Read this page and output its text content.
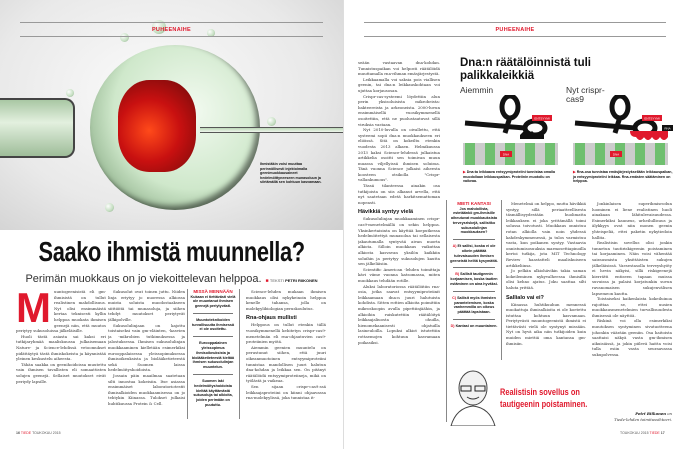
PUHEENAIHE
Ihmistäkin voisi muuttaa perinnöllisesti injektoimalla geenimuokkausaineet hedelmöittyneeseen munasoluun ja siirtämällä sen kohtuun kasvamaan.
Saako ihmistä muunnella?
Perimän muokkaus on jo viekoittelevan helppoa. ■ TEKSTI PETRI RIIKONEN
M uuntogeenisistä eli gm-ihmisistä on tullut realistinen mahdollisuus. Nyt olisi ensimmäistä kertaa teknisesti kyllin helppoa muokata ihmisen geenejä niin, että muutos periytyy sukusoluissa jälkeläisille.

Huoli tästä asiasta sai kaksi eri tutkijaryhmää maaliskuussa julkaisemaan Nature- ja Science-lehdissä vetoomukset pidättäytyä tästä ihmiskokeista ja käynnistää yleinen keskustelu aiheesta.

Tähän saakka on geenihoidoissa muutettu vain ihmisen tavallisten eli somaattisten solujen geenejä. Sellaiset muutokset eivät periydy lapsille.

Sukusolut ovat toinen juttu. Niiden linja eriytyy jo nuoressa alkiossa muista soluista muodostaakseen siittiöitä tai munasoluja, ja siihen tehdyt muutokset periytyvät jälkipolville.

Sukusolulinjaan on kajottu toistaiseksi vain gm-eläinten, -kasvien ja -mikrobien tutkimuksessa ja jalostuksessa. Ihmisen sukusolulinjan muokkaaminen kielletään esimerkiksi eurooppalaisessa yleissopimuksessa ihmisoikeuksista ja biolääketieteestä sekä Suomen laissa hedelmöityshoidoista.

Jossain päin maailmaa saatetaan silti innostua kokeisiin. Itse asiassa ensimmäiset laboratoriotestit ihmisalkioiden muokkaamisessa on jo tehtykin Kiinassa. Tulokset julkaisi huhtikuussa Protein & Cell.

MISSÄ MENNÄÄN
Kukaan ei tiettävästi vielä ole muuntanut ihmisen geenejä periytyvästi.
Muuntoteknikoiden turvallisuutta ihmisessä ei ole osoitettu.
Eurooppalainen yleissopimus ihmisoikeuksista ja biolääketieteestä kieltää ihmisen sukusolulinjan muuntelun.
Suomen laki hedelmöityshoidoista kieltää käyttämästä sukusoluja tai alkioita, joiden perimään on puututtu.

Science-lehden mukaan ihmisen muokkaus olisi nykykeinoin helppoa kenelle tahansa, jolla on molekyylibiologian peruskoulutus.

Rna-ohjaus mullisti

Helppous on tullut etenkin tällä vuosikymmenellä kehitetyn crispr-cas9-menetelmän eli rna-ohjautuvien cas9-proteiinien myötä.

Aiemmin geenien muuntelu on perustunut siihen, että juuri oikeanmuotoinen entsyymiproteiini tunnistaa mandollisen juuri halutun dna-kohdan ja leikkaa sen. On pitänyt räätälöidä entsyymiproteiineja, mikä on työlästä ja vaikeaa.

Sen sijaan crispr-cas9:ssä leikkaajaproteiini on kiinni ohjaavassa rna-molekyylissä, joka tunnistaa it-

16 TIEDE TOUKOKUU 2015
PUHEENAIHE

seään vastaavan dna-kohdan. Tunnistuspaikan voi helposti räätälöidä muuttamalla rna-rihman emäsjärjestystä.

Leikkaamalla voi saksia pois viallisen geenin, tai dna:n leikkauskohtaan voi ujuttaa korjausosan.

Crispr-cas-systeemi löydettiin alun perin yksisoluisista mikrobeista: bakteereista ja arkeoneista. 2000-luvun ensimmäisellä vuosikymmenellä osoitettiin, että ne puolustautuvat sillä viruksia vastaan.

Nyt 2010-luvulla on oivallettu, että systeemi sopii dna:n muokkaukseen eri eliöissä. Sitä on kokeiltu etenkin vuodesta 2013 alkaen. Helmikuussa 2013 kaksi Science-lehdessä julkaistua artikkelia osoitti sen toimivan muun muassa viljellyissä ihmisen soluissa. Tänä vuonna Science julkaisi aiheesta koosteen otsikolla "Crispr-vallankumous".

Tässä tilanteessa ainakin osa tutkijoista on siis alkanut arvella, että nyt saatetaan edetä harkitsemattoman nopeasti.

Hävikkiä syntyy vielä

Sukusolulinjan muokkaaminen crispr-cas9-menetelmällä on sekin helppoa. Yksinkertaisinta on käyttää koeputkessa hedelmöitettyä munasolua tai sellaisesta jakautumalla syntyvää aivan nuorta alkiota. Silloin muokkaus vaikuttaa alkiosta kasvavan yksilön kaikkiin soluihin ja periytyy sukusolujen kautta sen jälkeläisiin.

Scientific American -lehden toimittaja kävi viime vuonna katsomassa, miten muokkaus tehdään rotille.

Aluksi laboratoriossa räätälöitiin rna-osia, jotka saavat entsyymiproteiinit leikkaamaan dna:n juuri halutuista kohdista. Sitten rottien alkioita poimittiin mikroskoopin avulla pipettiinjäähin, ja alkioihin ruiskutettiin räätälöityä leikkaajaliuosta ohuilla, hienomekaanisesti ohjatuilla lasineuloilla. Lopuksi alkiot istutettiin rottaemojen kohtuun kasvamaan poikasiksi.

Dna:n räätälöinnistä tuli palikkaleikkiä
Aiemmin	Nyt crispr-cas9
ENTSYYMI
DNA
ENTSYYMI
RNA
DNA
▶ Dna:ta leikkaava entsyymiproteiini tunnistaa omalla muodollaan leikkauspaikan. Proteiinin muotoilu on vaikeaa.
▶ Rna-osa tunnistaa emäsjärjestyksellään leikkauspaikan, ja entsyymiproteiini leikkaa. Rna-emästen säätäminen on helppoa.
MIETI KANTASI
Jos mahdollista, estetäänkö gm-ihmisille aiheutuvat muokkauksista terveysriskejä, sallisitko sukusolulinjan muokkauksen?
A) Et sallisi, koska ei ole oikein päättää tulevaisuuden ihmisen geeneistä heiltä kysymättä.
B) Sallisit tautigeenin korjaamisen, koska tautien estäminen on aina hyväksi.
C) Sallisit myös ihmisten parantelemisen, koska vanhemmilla on oikeus päättää lapsistaan.
D) Kantasi on muuntainen.

Menetelmä on helppo, mutta hävikkiä syntyy, sillä periaatteellisesta täsmällisyydestään huolimatta leikkauksen ei joka yrittämällä toimi solussa toivotusti. Muokkaus onnistuu rotan alkiolla vain noin yhdessä kahdeskymmenessä, ja tulos varmistuu vasta, kun poikanen syntyy. Vastaavia onnistumisosuuksia marmosettiapinoilla kertoi tutkija, jota MIT Technology Review haastatteli maaliskuiseen artikkeliinsa.

Jo pelkän alkiohävikin takia saman kokeileminen nykyvalheessa ihmisillä olisi kehno ajatus. Joku saattaa silti haluta yrittää.

Sallialo vai ei?

Kiinassa huhtikuuhun mennessä muokattuja ihmisalkioita ei ole koetettu istuttaa kohtuun kasvamaan. Periytyvästi muuntogeenistä ihmistä ei tiettävästi vielä ole syntynyt missään. Nyt on hyvä aika niin tutkijoiden kuin muiden miettiä oma kantansa gm-ihmisiin.

Realistisin sovellus on tautigeenin poistaminen.

Jonkinlaisen superihmisrodun luominen ei liene realistinen huoli ainakaan lähitulevaisuudessa. Esimerkiksi kauneus, urheilullisuus ja älykkyys ovat niin monen geenin yhteispeliä, ettei paketin nykytiedoin hallita.

Realistisin sovellus olisi jonkin tunnetun tautiriskigeenin poistaminen tai korjaaminen. Näin voisi vähentää sairausmista yksittäisten sukujen jälkeläisissä. Vaesestasolla terveyshyöty ei hevin näkyisi, sillä riskigeenejä kierrätti entiseen tapaan muissa suvuissa ja palaisi korjatunkin suvun ravanomaisen sukujenvälisen lapsemeon kautta.

Toistaiseksi kaikenlaista kokeiluinoa rajoittaa se, ettei uusien muokkausmenetelmien turvallisuudesta ihmisessä ole näyttöä.

Riskinä voi olla esimerkiksi muutoksen syntyminen sivutuotteena johonkin väärään geeniin. Osa haitoista saattaisi näkyä vasta gm-ihmisen aikuisiässä, ja jokin piilevä haitta voisi tulla esiin vasta seuraavassa sukupolvessa.

Petri Riikonen on
Tiede-lehden toimitussihteeri.
TOUKOKUU 2015 TIEDE 17
